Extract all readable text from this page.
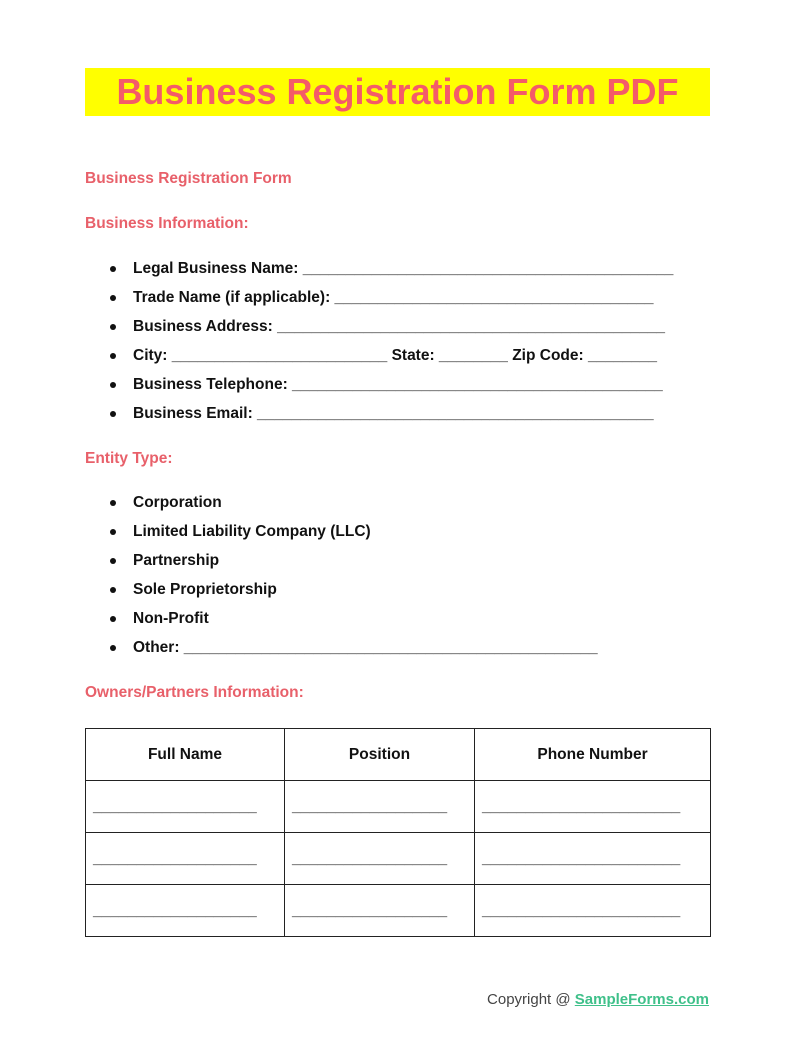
Business Registration Form PDF
Business Registration Form
Business Information:
Legal Business Name: ___________________________________________
Trade Name (if applicable): _____________________________________
Business Address: _____________________________________________
City: _________________________ State: ________ Zip Code: ________
Business Telephone: ___________________________________________
Business Email: ______________________________________________
Entity Type:
Corporation
Limited Liability Company (LLC)
Partnership
Sole Proprietorship
Non-Profit
Other: ________________________________________________
Owners/Partners Information:
Full Name	Position	Phone Number
___________________	__________________	_______________________
___________________	__________________	_______________________
___________________	__________________	_______________________
Copyright @ SampleForms.com
